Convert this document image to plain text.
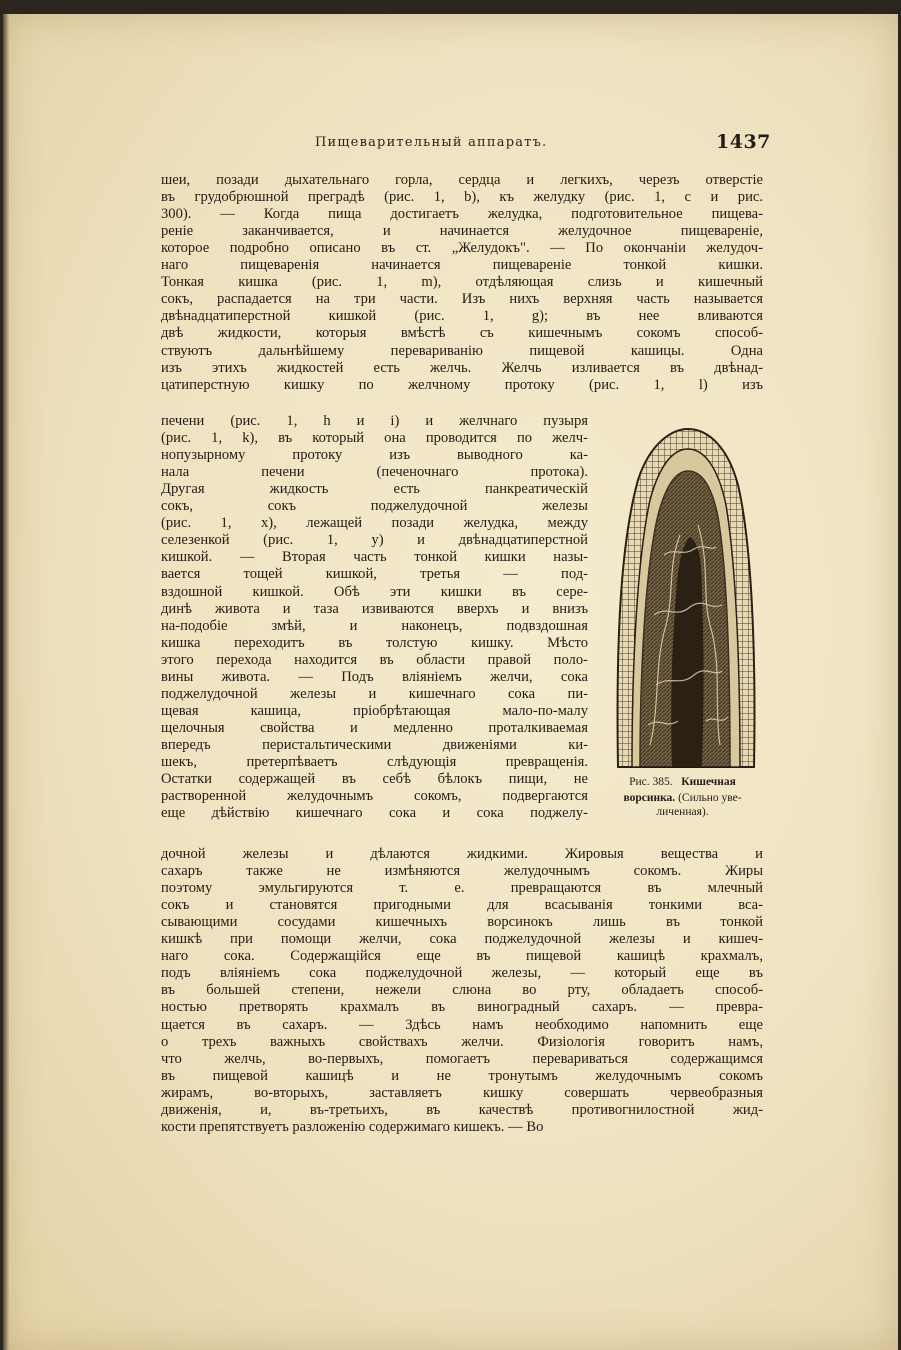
Пищеварительный аппаратъ.	1437
шеи, позади дыхательнаго горла, сердца и легкихъ, черезъ отверстіе
въ грудобрюшной преградѣ (рис. 1, b), къ желудку (рис. 1, c и рис.
300). — Когда пища достигаетъ желудка, подготовительное пищева-
реніе заканчивается, и начинается желудочное пищевареніе,
которое подробно описано въ ст. „Желудокъ". — По окончаніи желудоч-
наго пищеваренія начинается пищевареніе тонкой кишки.
Тонкая кишка (рис. 1, m), отдѣляющая слизь и кишечный
сокъ, распадается на три части. Изъ нихъ верхняя часть называется
двѣнадцатиперстной кишкой (рис. 1, g); въ нее вливаются
двѣ жидкости, которыя вмѣстѣ съ кишечнымъ сокомъ способ-
ствуютъ дальнѣйшему перевариванію пищевой кашицы. Одна
изъ этихъ жидкостей есть желчь. Желчь изливается въ двѣнад-
цатиперстную кишку по желчному протоку (рис. 1, l) изъ
печени (рис. 1, h и i) и желчнаго пузыря
(рис. 1, k), въ который она проводится по желч-
нопузырному протоку изъ выводного ка-
нала печени (печеночнаго протока).
Другая жидкость есть панкреатическій
сокъ, сокъ поджелудочной железы
(рис. 1, x), лежащей позади желудка, между
селезенкой (рис. 1, y) и двѣнадцатиперстной
кишкой. — Вторая часть тонкой кишки назы-
вается тощей кишкой, третья — под-
вздошной кишкой. Обѣ эти кишки въ сере-
динѣ живота и таза извиваются вверхъ и внизъ
на-подобіе змѣй, и наконецъ, подвздошная
кишка переходитъ въ толстую кишку. Мѣсто
этого перехода находится въ области правой поло-
вины живота. — Подъ вліяніемъ желчи, сока
поджелудочной железы и кишечнаго сока пи-
щевая кашица, пріобрѣтающая мало-по-малу
щелочныя свойства и медленно проталкиваемая
впередъ перистальтическими движеніями ки-
шекъ, претерпѣваетъ слѣдующія превращенія.
Остатки содержащей въ себѣ бѣлокъ пищи, не
растворенной желудочнымъ сокомъ, подвергаются
еще дѣйствію кишечнаго сока и сока поджелу-
дочной железы и дѣлаются жидкими. Жировыя вещества и
сахаръ также не измѣняются желудочнымъ сокомъ. Жиры
поэтому эмульгируются т. е. превращаются въ млечный
сокъ и становятся пригодными для всасыванія тонкими вса-
сывающими сосудами кишечныхъ ворсинокъ лишь въ тонкой
кишкѣ при помощи желчи, сока поджелудочной железы и кишеч-
наго сока. Содержащійся еще въ пищевой кашицѣ крахмалъ,
подъ вліяніемъ сока поджелудочной железы, — который еще въ
въ большей степени, нежели слюна во рту, обладаетъ способ-
ностью претворять крахмалъ въ виноградный сахаръ. — превра-
щается въ сахаръ. — Здѣсь намъ необходимо напомнить еще
о трехъ важныхъ свойствахъ желчи. Физіологія говоритъ намъ,
что желчь, во-первыхъ, помогаетъ перевариваться содержащимся
въ пищевой кашицѣ и не тронутымъ желудочнымъ сокомъ
жирамъ, во-вторыхъ, заставляетъ кишку совершать червеобразныя
движенія, и, въ-третьихъ, въ качествѣ противогнилостной жид-
кости препятствуетъ разложенію содержимаго кишекъ. — Во
Рис. 385. Кишечная
ворсинка. (Сильно уве-
личенная).
